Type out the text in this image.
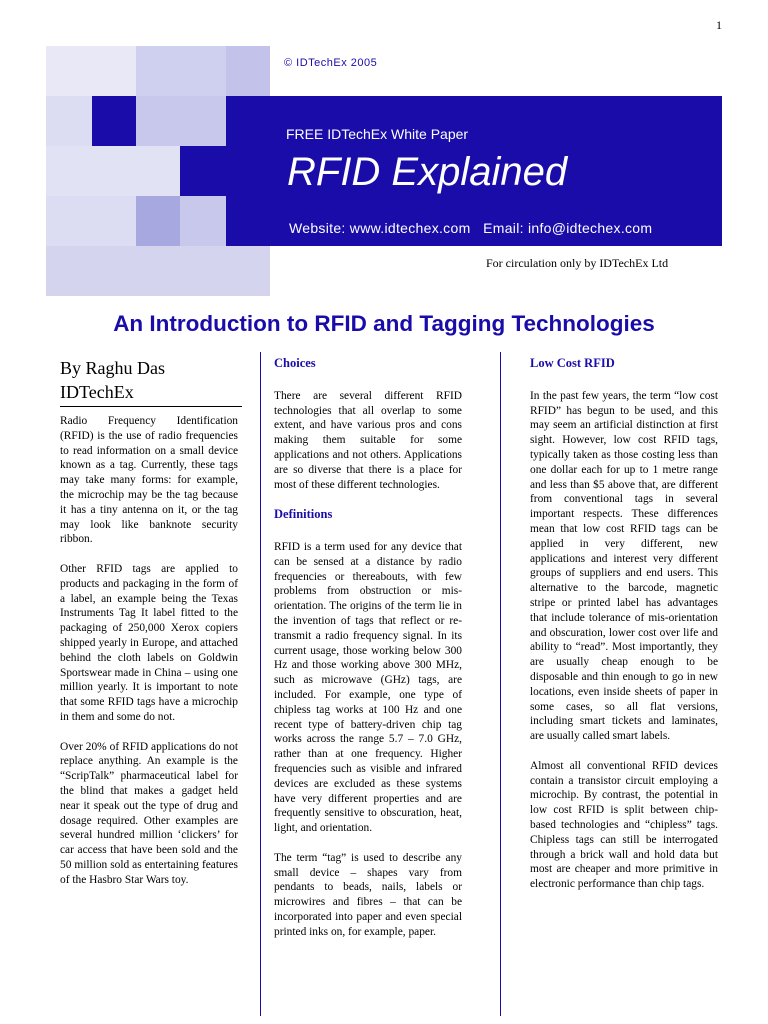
1
© IDTechEx 2005
FREE IDTechEx White Paper
RFID Explained
Website: www.idtechex.com   Email: info@idtechex.com
For circulation only by IDTechEx Ltd
An Introduction to RFID and Tagging Technologies
By Raghu Das
IDTechEx

Radio Frequency Identification (RFID) is the use of radio frequencies to read information on a small device known as a tag. Currently, these tags may take many forms: for example, the microchip may be the tag because it has a tiny antenna on it, or the tag may look like banknote security ribbon.

Other RFID tags are applied to products and packaging in the form of a label, an example being the Texas Instruments Tag It label fitted to the packaging of 250,000 Xerox copiers shipped yearly in Europe, and attached behind the cloth labels on Goldwin Sportswear made in China – using one million yearly. It is important to note that some RFID tags have a microchip in them and some do not.

Over 20% of RFID applications do not replace anything. An example is the “ScripTalk” pharmaceutical label for the blind that makes a gadget held near it speak out the type of drug and dosage required. Other examples are several hundred million ‘clickers’ for car access that have been sold and the 50 million sold as entertaining features of the Hasbro Star Wars toy.

Choices

There are several different RFID technologies that all overlap to some extent, and have various pros and cons making them suitable for some applications and not others. Applications are so diverse that there is a place for most of these different technologies.

Definitions

RFID is a term used for any device that can be sensed at a distance by radio frequencies or thereabouts, with few problems from obstruction or mis-orientation. The origins of the term lie in the invention of tags that reflect or re-transmit a radio frequency signal. In its current usage, those working below 300 Hz and those working above 300 MHz, such as microwave (GHz) tags, are included. For example, one type of chipless tag works at 100 Hz and one recent type of battery-driven chip tag works across the range 5.7 – 7.0 GHz, rather than at one frequency. Higher frequencies such as visible and infrared devices are excluded as these systems have very different properties and are frequently sensitive to obscuration, heat, light, and orientation.

The term “tag” is used to describe any small device – shapes vary from pendants to beads, nails, labels or microwires and fibres – that can be incorporated into paper and even special printed inks on, for example, paper.

Low Cost RFID

In the past few years, the term “low cost RFID” has begun to be used, and this may seem an artificial distinction at first sight. However, low cost RFID tags, typically taken as those costing less than one dollar each for up to 1 metre range and less than $5 above that, are different from conventional tags in several important respects. These differences mean that low cost RFID tags can be applied in very different, new applications and interest very different groups of suppliers and end users. This alternative to the barcode, magnetic stripe or printed label has advantages that include tolerance of mis-orientation and obscuration, lower cost over life and ability to “read”. Most importantly, they are usually cheap enough to be disposable and thin enough to go in new locations, even inside sheets of paper in some cases, so all flat versions, including smart tickets and laminates, are usually called smart labels.

Almost all conventional RFID devices contain a transistor circuit employing a microchip. By contrast, the potential in low cost RFID is split between chip-based technologies and “chipless” tags. Chipless tags can still be interrogated through a brick wall and hold data but most are cheaper and more primitive in electronic performance than chip tags.
